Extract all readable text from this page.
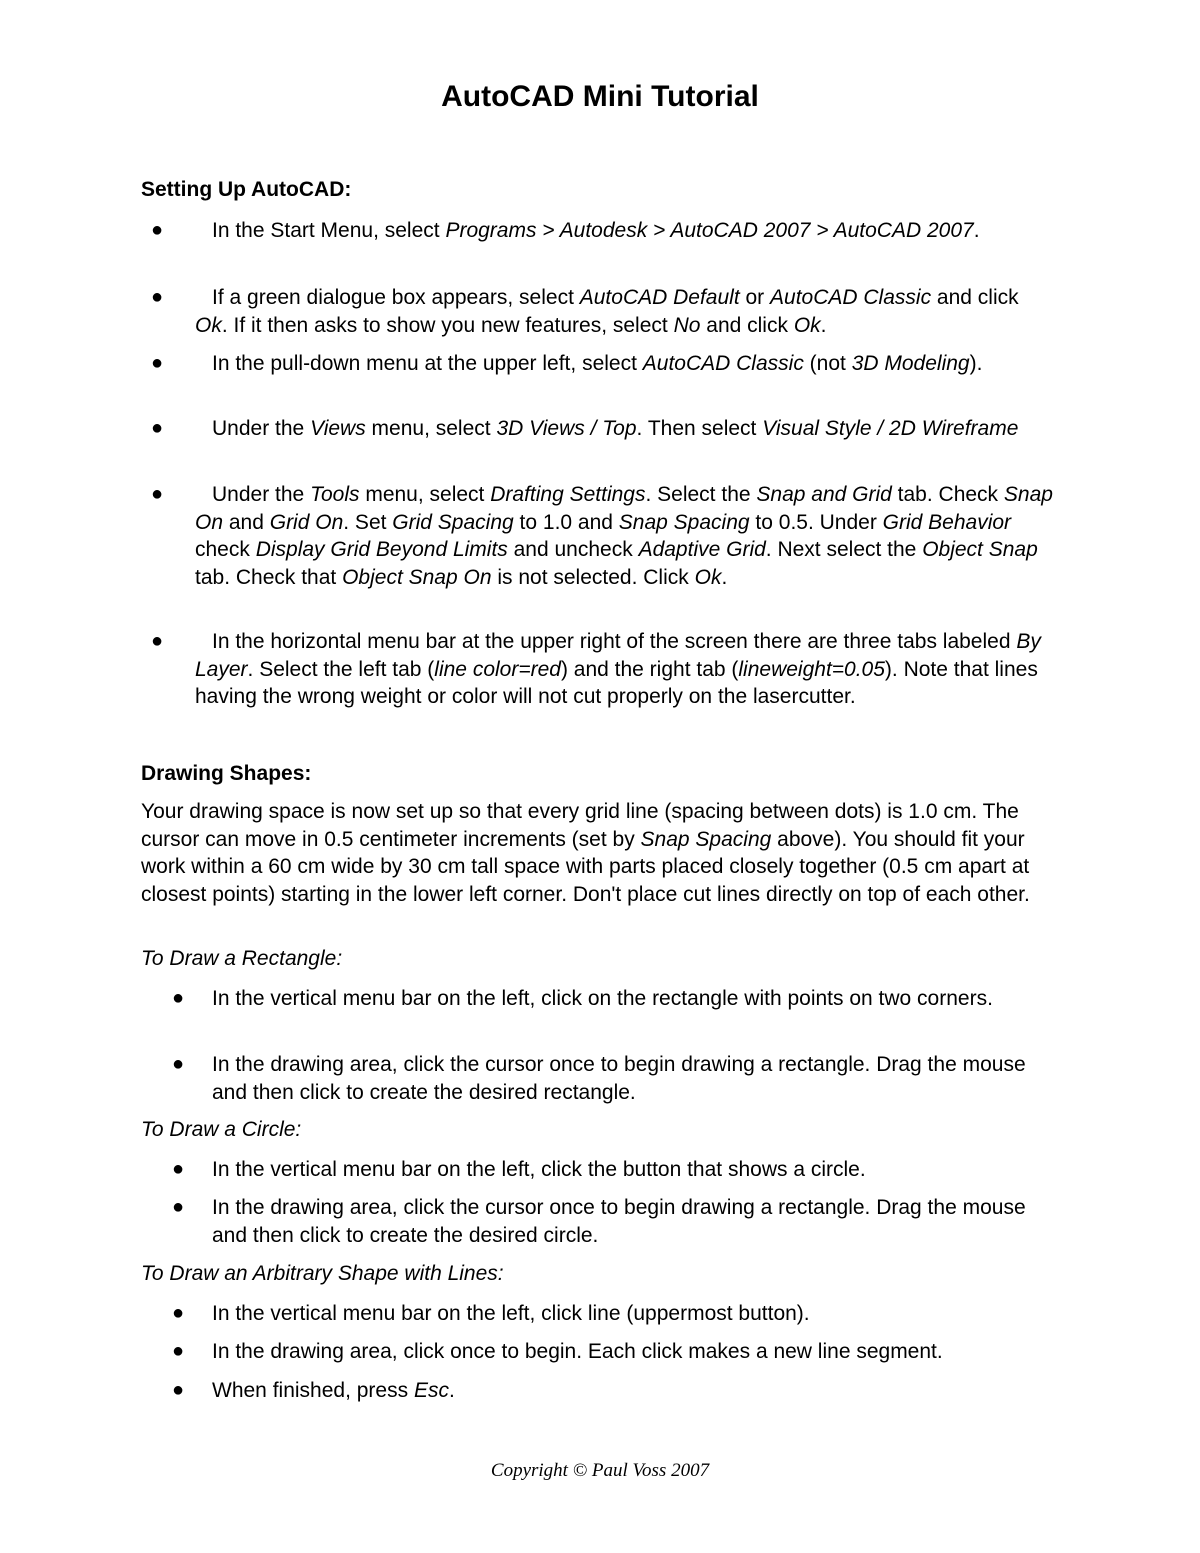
AutoCAD Mini Tutorial
Setting Up AutoCAD:
● In the Start Menu, select Programs > Autodesk > AutoCAD 2007 > AutoCAD 2007.
● If a green dialogue box appears, select AutoCAD Default or AutoCAD Classic and click Ok. If it then asks to show you new features, select No and click Ok.
● In the pull-down menu at the upper left, select AutoCAD Classic (not 3D Modeling).
● Under the Views menu, select 3D Views / Top. Then select Visual Style / 2D Wireframe
● Under the Tools menu, select Drafting Settings. Select the Snap and Grid tab. Check Snap On and Grid On. Set Grid Spacing to 1.0 and Snap Spacing to 0.5. Under Grid Behavior check Display Grid Beyond Limits and uncheck Adaptive Grid. Next select the Object Snap tab. Check that Object Snap On is not selected. Click Ok.
● In the horizontal menu bar at the upper right of the screen there are three tabs labeled By Layer. Select the left tab (line color=red) and the right tab (lineweight=0.05). Note that lines having the wrong weight or color will not cut properly on the lasercutter.
Drawing Shapes:

Your drawing space is now set up so that every grid line (spacing between dots) is 1.0 cm. The cursor can move in 0.5 centimeter increments (set by Snap Spacing above). You should fit your work within a 60 cm wide by 30 cm tall space with parts placed closely together (0.5 cm apart at closest points) starting in the lower left corner. Don't place cut lines directly on top of each other.

To Draw a Rectangle:

● In the vertical menu bar on the left, click on the rectangle with points on two corners.
● In the drawing area, click the cursor once to begin drawing a rectangle. Drag the mouse and then click to create the desired rectangle.

To Draw a Circle:

● In the vertical menu bar on the left, click the button that shows a circle.
● In the drawing area, click the cursor once to begin drawing a rectangle. Drag the mouse and then click to create the desired circle.

To Draw an Arbitrary Shape with Lines:

● In the vertical menu bar on the left, click line (uppermost button).
● In the drawing area, click once to begin. Each click makes a new line segment.
● When finished, press Esc.
Copyright © Paul Voss 2007
